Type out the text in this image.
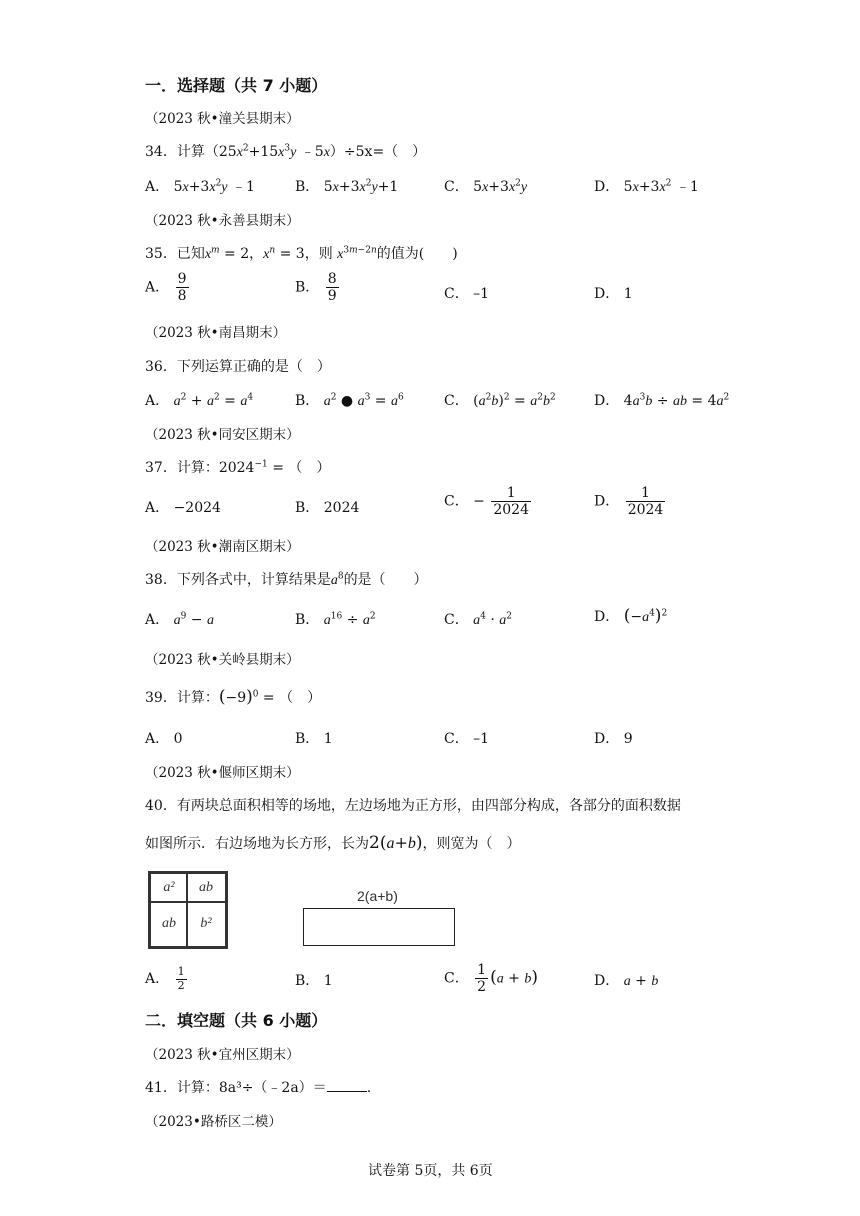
一．选择题（共 7 小题）
（2023 秋•潼关县期末）
34．计算（$25x^2+15x^3y$ ﹣5x）÷5x=（　）
A． $5x+3x^2y$ ﹣1	B． $5x+3x^2y+1$	C． $5x+3x^2y$	D． $5x+3x^2$ ﹣1
（2023 秋•永善县期末）
35．已知$x^m = 2$，$x^n = 3$，则 $x^{3m-2n}$的值为(　　)
A． $\frac{9}{8}$	B． $\frac{8}{9}$	C． –1	D． 1
（2023 秋•南昌期末）
36．下列运算正确的是（　）
A． $a^2 + a^2 = a^4$	B． $a^2$ ● $a^3 = a^6$	C． $(a^2b)^2 = a^2b^2$	D． $4a^3b$ ÷ ab = $4a^2$
（2023 秋•同安区期末）
37．计算：$2024^{-1}$ = （　）
A． −2024	B． 2024	C． − $\frac{1}{2024}$	D． $\frac{1}{2024}$
（2023 秋•潮南区期末）
38．下列各式中，计算结果是$a^8$的是（　　）
A． $a^9 - a$	B． $a^{16} \div a^2$	C． $a^4 \cdot a^2$	D． $(-a^4)^2$
（2023 秋•关岭县期末）
39．计算：$(-9)^0$ = （　）
A． 0	B． 1	C． –1	D． 9
（2023 秋•偃师区期末）
40．有两块总面积相等的场地，左边场地为正方形，由四部分构成，各部分的面积数据
如图所示．右边场地为长方形，长为2(a+b)，则宽为（　）
a²	ab
ab	b²
2(a+b)
A． $\frac{1}{2}$	B． 1	C． $\frac{1}{2} (a + b)$	D． a + b
二．填空题（共 6 小题）
（2023 秋•宜州区期末）
41．计算：8a³÷（﹣2a）＝	.
（2023•路桥区二模）
试卷第 5页，共 6页
